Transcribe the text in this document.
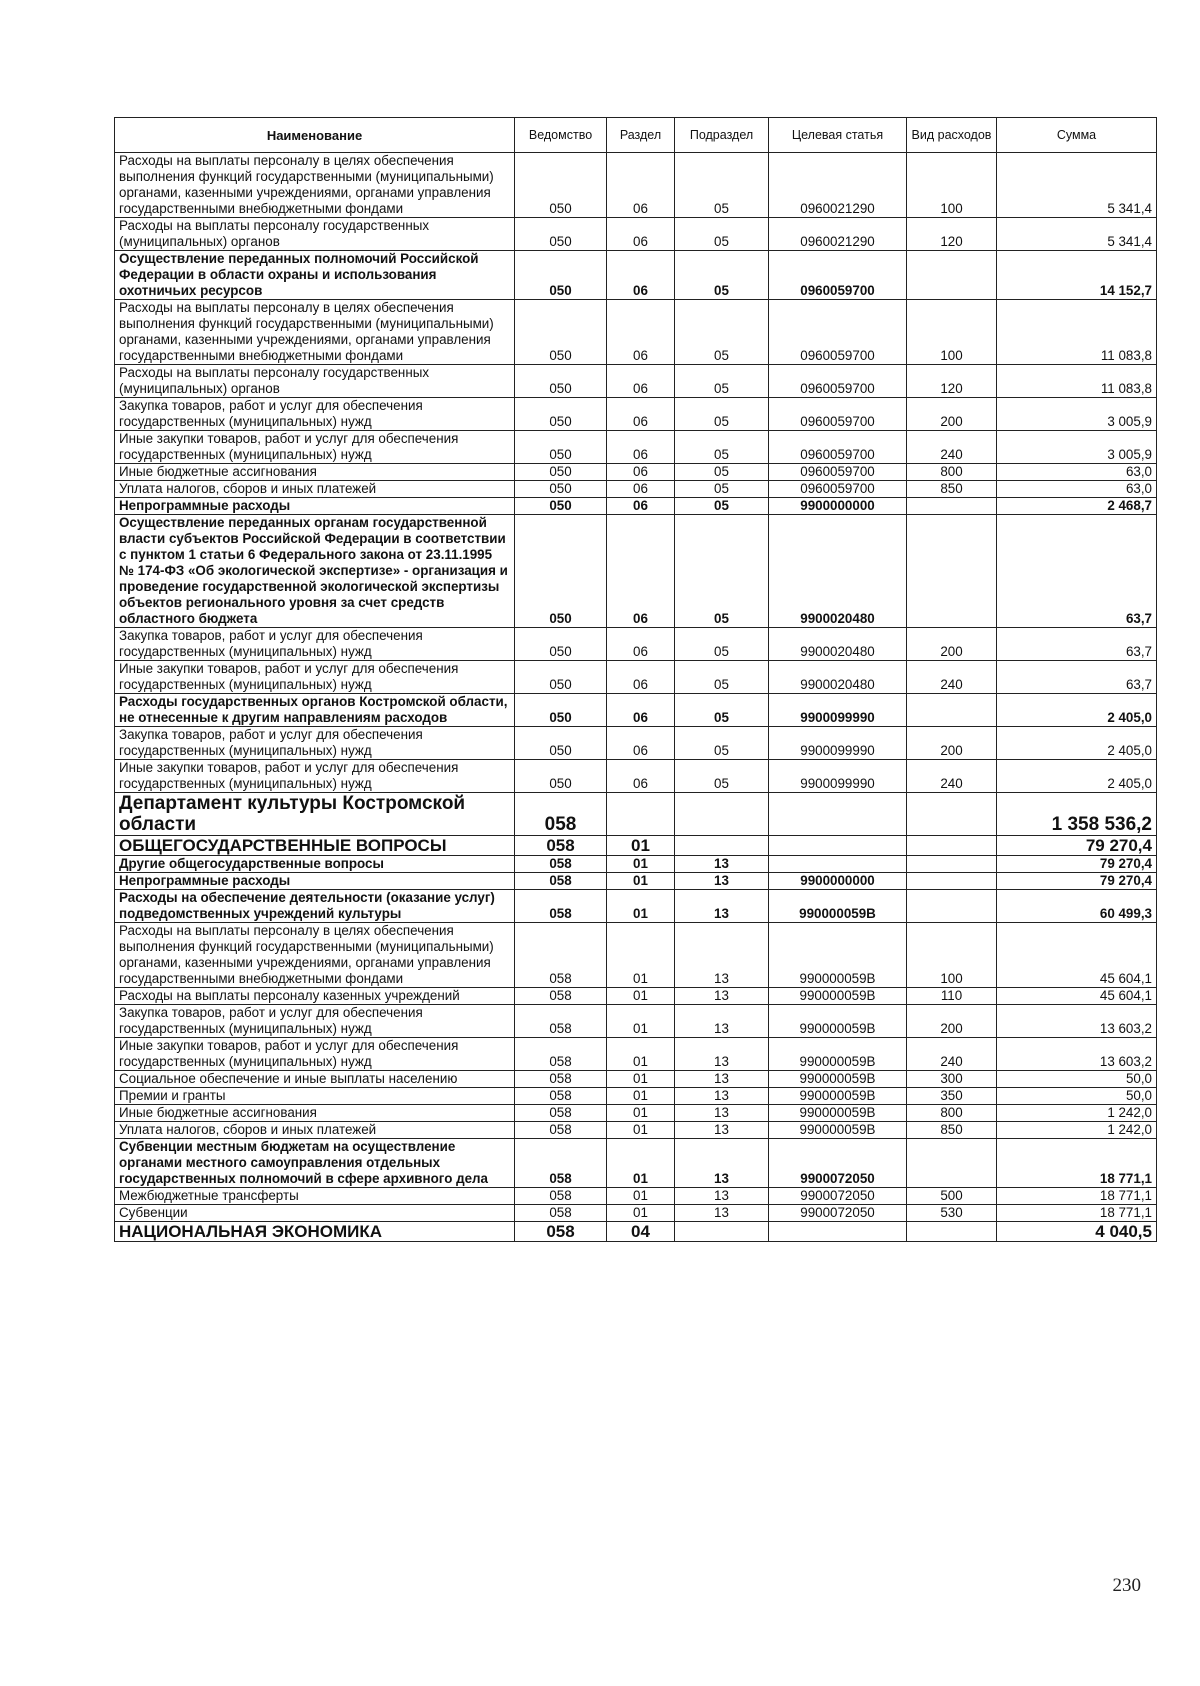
Наименование	Ведомство	Раздел	Подраздел	Целевая статья	Вид расходов	Сумма
Расходы на выплаты персоналу в целях обеспечения выполнения функций государственными (муниципальными) органами, казенными учреждениями, органами управления государственными внебюджетными фондами	050	06	05	0960021290	100	5 341,4
Расходы на выплаты персоналу государственных (муниципальных) органов	050	06	05	0960021290	120	5 341,4
Осуществление переданных полномочий Российской Федерации в области охраны и использования охотничьих ресурсов	050	06	05	0960059700		14 152,7
Расходы на выплаты персоналу в целях обеспечения выполнения функций государственными (муниципальными) органами, казенными учреждениями, органами управления государственными внебюджетными фондами	050	06	05	0960059700	100	11 083,8
Расходы на выплаты персоналу государственных (муниципальных) органов	050	06	05	0960059700	120	11 083,8
Закупка товаров, работ и услуг для обеспечения государственных (муниципальных) нужд	050	06	05	0960059700	200	3 005,9
Иные закупки товаров, работ и услуг для обеспечения государственных (муниципальных) нужд	050	06	05	0960059700	240	3 005,9
Иные бюджетные ассигнования	050	06	05	0960059700	800	63,0
Уплата налогов, сборов и иных платежей	050	06	05	0960059700	850	63,0
Непрограммные расходы	050	06	05	9900000000		2 468,7
Осуществление переданных органам государственной власти субъектов Российской Федерации в соответствии с пунктом 1 статьи 6 Федерального закона от 23.11.1995 № 174-ФЗ «Об экологической экспертизе» - организация и проведение государственной экологической экспертизы объектов регионального уровня за счет средств областного бюджета	050	06	05	9900020480		63,7
Закупка товаров, работ и услуг для обеспечения государственных (муниципальных) нужд	050	06	05	9900020480	200	63,7
Иные закупки товаров, работ и услуг для обеспечения государственных (муниципальных) нужд	050	06	05	9900020480	240	63,7
Расходы государственных органов Костромской области, не отнесенные к другим направлениям расходов	050	06	05	9900099990		2 405,0
Закупка товаров, работ и услуг для обеспечения государственных (муниципальных) нужд	050	06	05	9900099990	200	2 405,0
Иные закупки товаров, работ и услуг для обеспечения государственных (муниципальных) нужд	050	06	05	9900099990	240	2 405,0
Департамент культуры Костромской области	058					1 358 536,2
ОБЩЕГОСУДАРСТВЕННЫЕ ВОПРОСЫ	058	01				79 270,4
Другие общегосударственные вопросы	058	01	13			79 270,4
Непрограммные расходы	058	01	13	9900000000		79 270,4
Расходы на обеспечение деятельности (оказание услуг) подведомственных учреждений культуры	058	01	13	990000059В		60 499,3
Расходы на выплаты персоналу в целях обеспечения выполнения функций государственными (муниципальными) органами, казенными учреждениями, органами управления государственными внебюджетными фондами	058	01	13	990000059В	100	45 604,1
Расходы на выплаты персоналу казенных учреждений	058	01	13	990000059В	110	45 604,1
Закупка товаров, работ и услуг для обеспечения государственных (муниципальных) нужд	058	01	13	990000059В	200	13 603,2
Иные закупки товаров, работ и услуг для обеспечения государственных (муниципальных) нужд	058	01	13	990000059В	240	13 603,2
Социальное обеспечение и иные выплаты населению	058	01	13	990000059В	300	50,0
Премии и гранты	058	01	13	990000059В	350	50,0
Иные бюджетные ассигнования	058	01	13	990000059В	800	1 242,0
Уплата налогов, сборов и иных платежей	058	01	13	990000059В	850	1 242,0
Субвенции местным бюджетам на осуществление органами местного самоуправления отдельных государственных полномочий в сфере архивного дела	058	01	13	9900072050		18 771,1
Межбюджетные трансферты	058	01	13	9900072050	500	18 771,1
Субвенции	058	01	13	9900072050	530	18 771,1
НАЦИОНАЛЬНАЯ ЭКОНОМИКА	058	04				4 040,5
230
